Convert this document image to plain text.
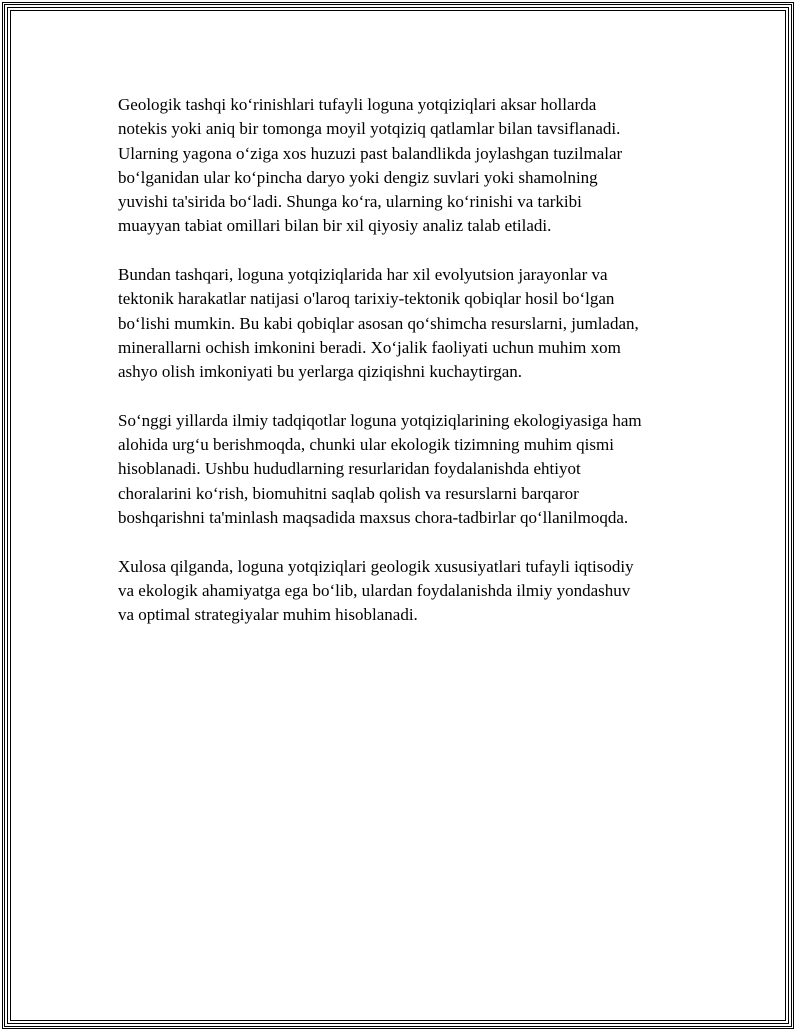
Geologik tashqi ko‘rinishlari tufayli loguna yotqiziqlari aksar hollarda
notekis yoki aniq bir tomonga moyil yotqiziq qatlamlar bilan tavsiflanadi.
Ularning yagona o‘ziga xos huzuzi past balandlikda joylashgan tuzilmalar
bo‘lganidan ular ko‘pincha daryo yoki dengiz suvlari yoki shamolning
yuvishi ta'sirida bo‘ladi. Shunga ko‘ra, ularning ko‘rinishi va tarkibi
muayyan tabiat omillari bilan bir xil qiyosiy analiz talab etiladi.

Bundan tashqari, loguna yotqiziqlarida har xil evolyutsion jarayonlar va
tektonik harakatlar natijasi o'laroq tarixiy-tektonik qobiqlar hosil bo‘lgan
bo‘lishi mumkin. Bu kabi qobiqlar asosan qo‘shimcha resurslarni, jumladan,
minerallarni ochish imkonini beradi. Xo‘jalik faoliyati uchun muhim xom
ashyo olish imkoniyati bu yerlarga qiziqishni kuchaytirgan.

So‘nggi yillarda ilmiy tadqiqotlar loguna yotqiziqlarining ekologiyasiga ham
alohida urg‘u berishmoqda, chunki ular ekologik tizimning muhim qismi
hisoblanadi. Ushbu hududlarning resurlaridan foydalanishda ehtiyot
choralarini ko‘rish, biomuhitni saqlab qolish va resurslarni barqaror
boshqarishni ta'minlash maqsadida maxsus chora-tadbirlar qo‘llanilmoqda.

Xulosa qilganda, loguna yotqiziqlari geologik xususiyatlari tufayli iqtisodiy
va ekologik ahamiyatga ega bo‘lib, ulardan foydalanishda ilmiy yondashuv
va optimal strategiyalar muhim hisoblanadi.
